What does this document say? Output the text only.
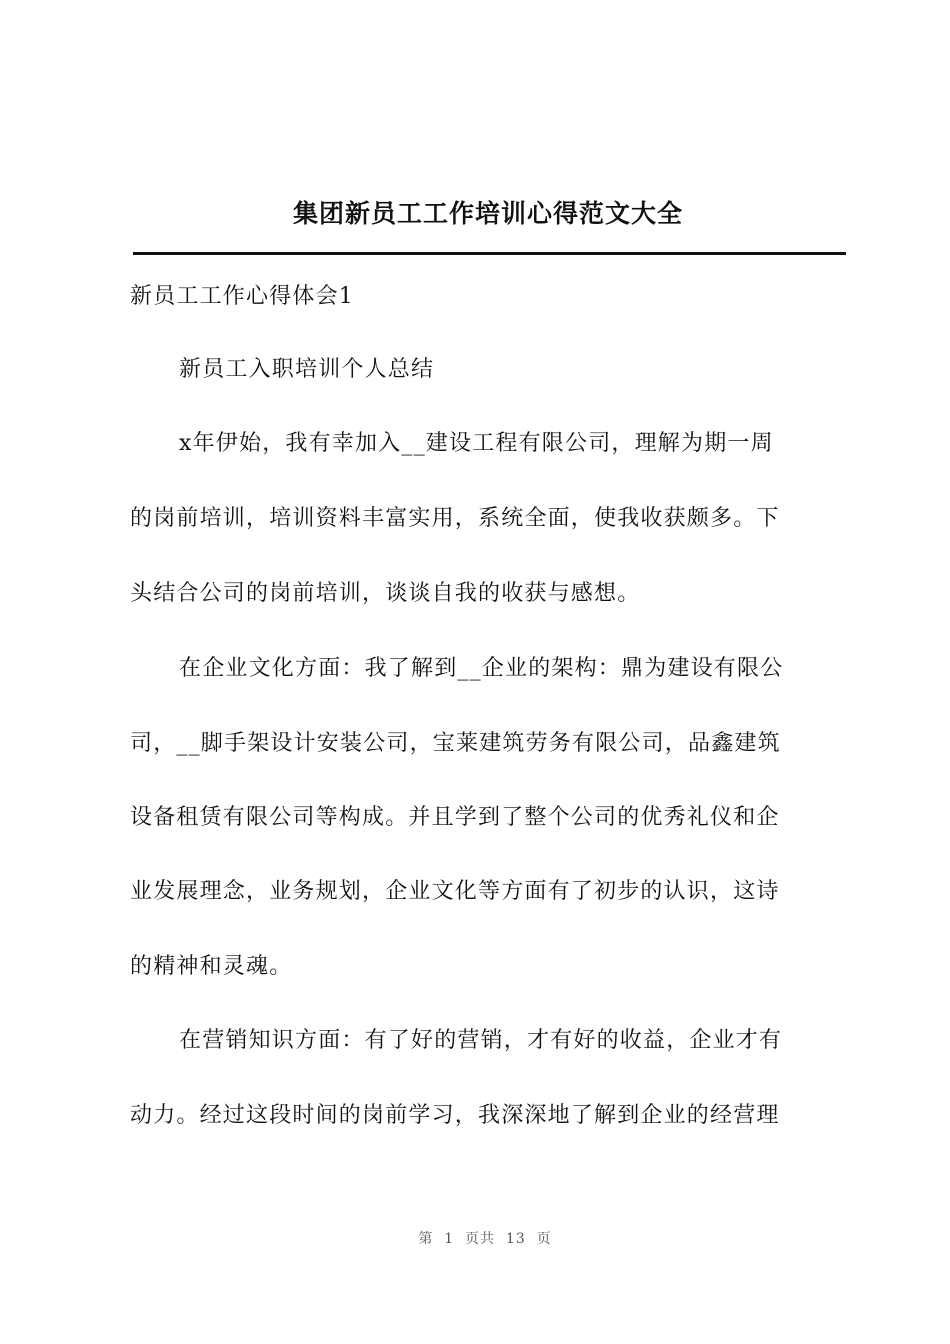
集团新员工工作培训心得范文大全
新员工工作心得体会1
新员工入职培训个人总结
x年伊始，我有幸加入__建设工程有限公司，理解为期一周
的岗前培训，培训资料丰富实用，系统全面，使我收获颇多。下
头结合公司的岗前培训，谈谈自我的收获与感想。
在企业文化方面：我了解到__企业的架构：鼎为建设有限公
司，__脚手架设计安装公司，宝莱建筑劳务有限公司，品鑫建筑
设备租赁有限公司等构成。并且学到了整个公司的优秀礼仪和企
业发展理念，业务规划，企业文化等方面有了初步的认识，这诗
的精神和灵魂。
在营销知识方面：有了好的营销，才有好的收益，企业才有
动力。经过这段时间的岗前学习，我深深地了解到企业的经营理
第  1  页共  13  页
